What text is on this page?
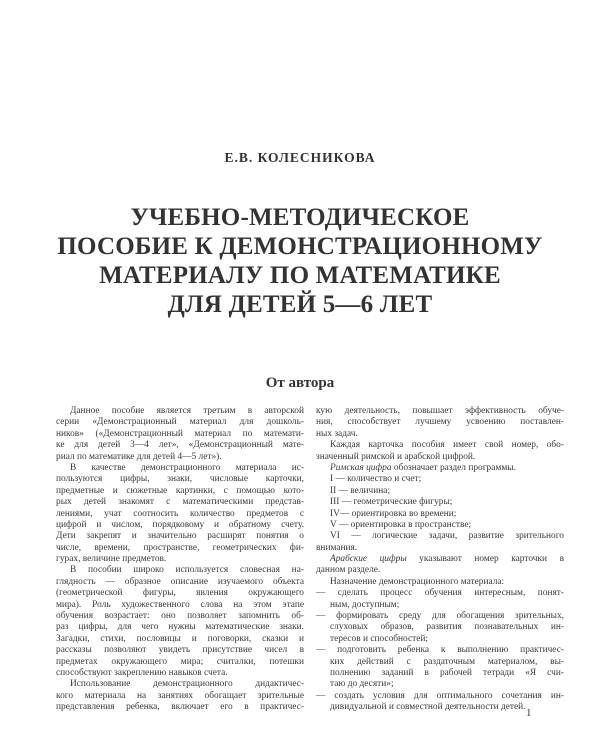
Е.В. КОЛЕСНИКОВА
УЧЕБНО-МЕТОДИЧЕСКОЕ
ПОСОБИЕ К ДЕМОНСТРАЦИОННОМУ
МАТЕРИАЛУ ПО МАТЕМАТИКЕ
ДЛЯ ДЕТЕЙ 5—6 ЛЕТ
От автора
Данное пособие является третьим в авторской
серии «Демонстрационный материал для дошколь-
ников» («Демонстрационный материал по математи-
ке для детей 3—4 лет», «Демонстрационный мате-
риал по математике для детей 4—5 лет»).
В качестве демонстрационного материала ис-
пользуются цифры, знаки, числовые карточки,
предметные и сюжетные картинки, с помощью кото-
рых детей знакомят с математическими представ-
лениями, учат соотносить количество предметов с
цифрой и числом, порядковому и обратному счету.
Дети закрепят и значительно расширят понятия о
числе, времени, пространстве, геометрических фи-
гурах, величине предметов.
В пособии широко используется словесная на-
глядность — образное описание изучаемого объекта
(геометрической фигуры, явления окружающего
мира). Роль художественного слова на этом этапе
обучения возрастает: оно позволяет запомнить об-
раз цифры, для чего нужны математические знаки.
Загадки, стихи, пословицы и поговорки, сказки и
рассказы позволяют увидеть присутствие чисел в
предметах окружающего мира; считалки, потешки
способствуют закреплению навыков счета.
Использование демонстрационного дидактичес-
кого материала на занятиях обогащает зрительные
представления ребенка, включает его в практичес-
кую деятельность, повышает эффективность обуче-
ния, способствует лучшему усвоению поставлен-
ных задач.
Каждая карточка пособия имеет свой номер, обо-
значенный римской и арабской цифрой.
Римская цифра обозначает раздел программы.
I — количество и счет;
II — величина;
III — геометрические фигуры;
IV— ориентировка во времени;
V — ориентировка в пространстве;
VI — логические задачи, развитие зрительного
внимания.
Арабские цифры указывают номер карточки в
данном разделе.
Назначение демонстрационного материала:
— сделать процесс обучения интересным, понят-
ным, доступным;
— формировать среду для обогащения зрительных,
слуховых образов, развития познавательных ин-
тересов и способностей;
— подготовить ребенка к выполнению практичес-
ких действий с раздаточным материалом, вы-
полнению заданий в рабочей тетради «Я счи-
таю до десяти»;
— создать условия для оптимального сочетания ин-
дивидуальной и совместной деятельности детей. 1
